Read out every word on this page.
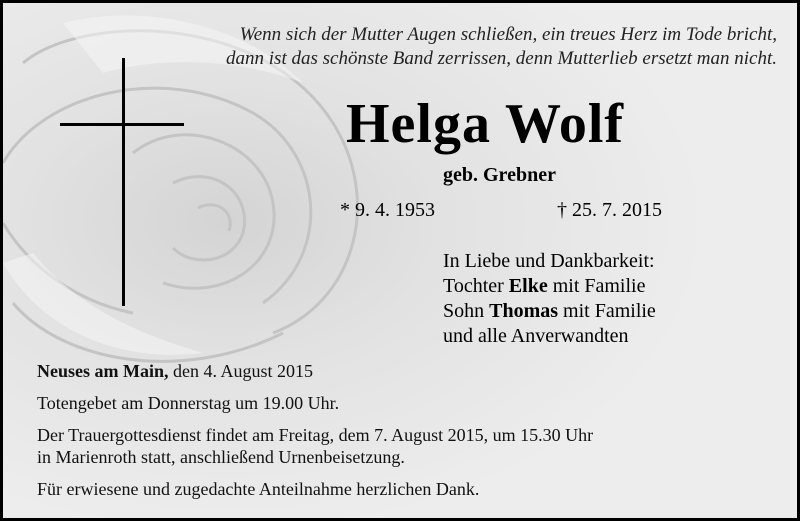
Wenn sich der Mutter Augen schließen, ein treues Herz im Tode bricht,
dann ist das schönste Band zerrissen, denn Mutterlieb ersetzt man nicht.
Helga Wolf
geb. Grebner
* 9. 4. 1953	† 25. 7. 2015
In Liebe und Dankbarkeit:
Tochter Elke mit Familie
Sohn Thomas mit Familie
und alle Anverwandten
Neuses am Main, den 4. August 2015
Totengebet am Donnerstag um 19.00 Uhr.
Der Trauergottesdienst findet am Freitag, dem 7. August 2015, um 15.30 Uhr
in Marienroth statt, anschließend Urnenbeisetzung.
Für erwiesene und zugedachte Anteilnahme herzlichen Dank.
